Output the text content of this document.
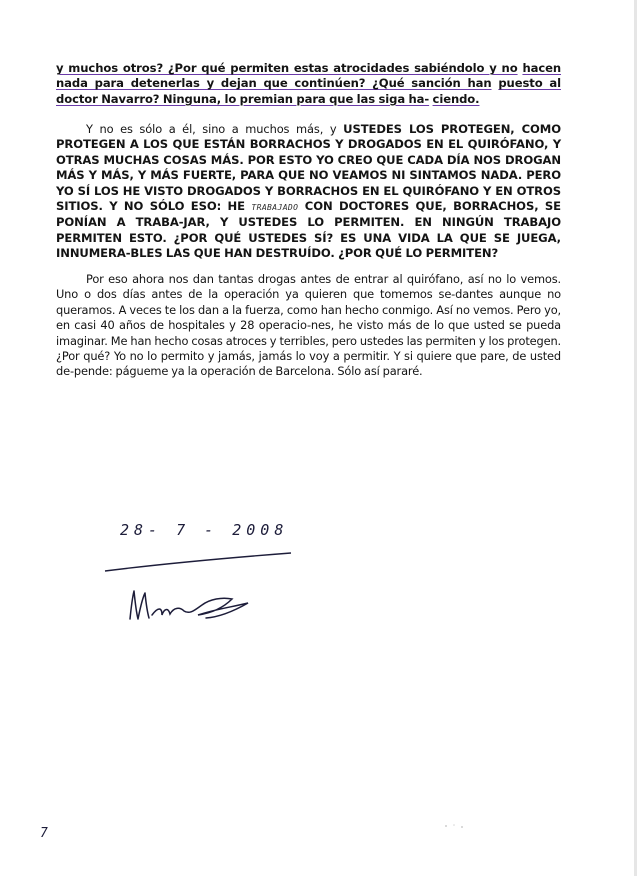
y muchos otros? ¿Por qué permiten estas atrocidades sabiéndolo y no hacen nada para detenerlas y dejan que continúen? ¿Qué sanción han puesto al doctor Navarro? Ninguna, lo premian para que las siga ha- ciendo.

Y no es sólo a él, sino a muchos más, y USTEDES LOS PROTEGEN, COMO PROTEGEN A LOS QUE ESTÁN BORRACHOS Y DROGADOS EN EL QUIRÓFANO, Y OTRAS MUCHAS COSAS MÁS. POR ESTO YO CREO QUE CADA DÍA NOS DROGAN MÁS Y MÁS, Y MÁS FUERTE, PARA QUE NO VEAMOS NI SINTAMOS NADA. PERO YO SÍ LOS HE VISTO DROGADOS Y BORRACHOS EN EL QUIRÓFANO Y EN OTROS SITIOS. Y NO SÓLO ESO: HE TRABAJADO CON DOCTORES QUE, BORRACHOS, SE PONÍAN A TRABA-JAR, Y USTEDES LO PERMITEN. EN NINGÚN TRABAJO PERMITEN ESTO. ¿POR QUÉ USTEDES SÍ? ES UNA VIDA LA QUE SE JUEGA, INNUMERA-BLES LAS QUE HAN DESTRUÍDO. ¿POR QUÉ LO PERMITEN?

Por eso ahora nos dan tantas drogas antes de entrar al quirófano, así no lo vemos. Uno o dos días antes de la operación ya quieren que tomemos se-dantes aunque no queramos. A veces te los dan a la fuerza, como han hecho conmigo. Así no vemos. Pero yo, en casi 40 años de hospitales y 28 operacio-nes, he visto más de lo que usted se pueda imaginar. Me han hecho cosas atroces y terribles, pero ustedes las permiten y los protegen. ¿Por qué? Yo no lo permito y jamás, jamás lo voy a permitir. Y si quiere que pare, de usted de-pende: págueme ya la operación de Barcelona. Sólo así pararé.

28- 7 - 2008
7
